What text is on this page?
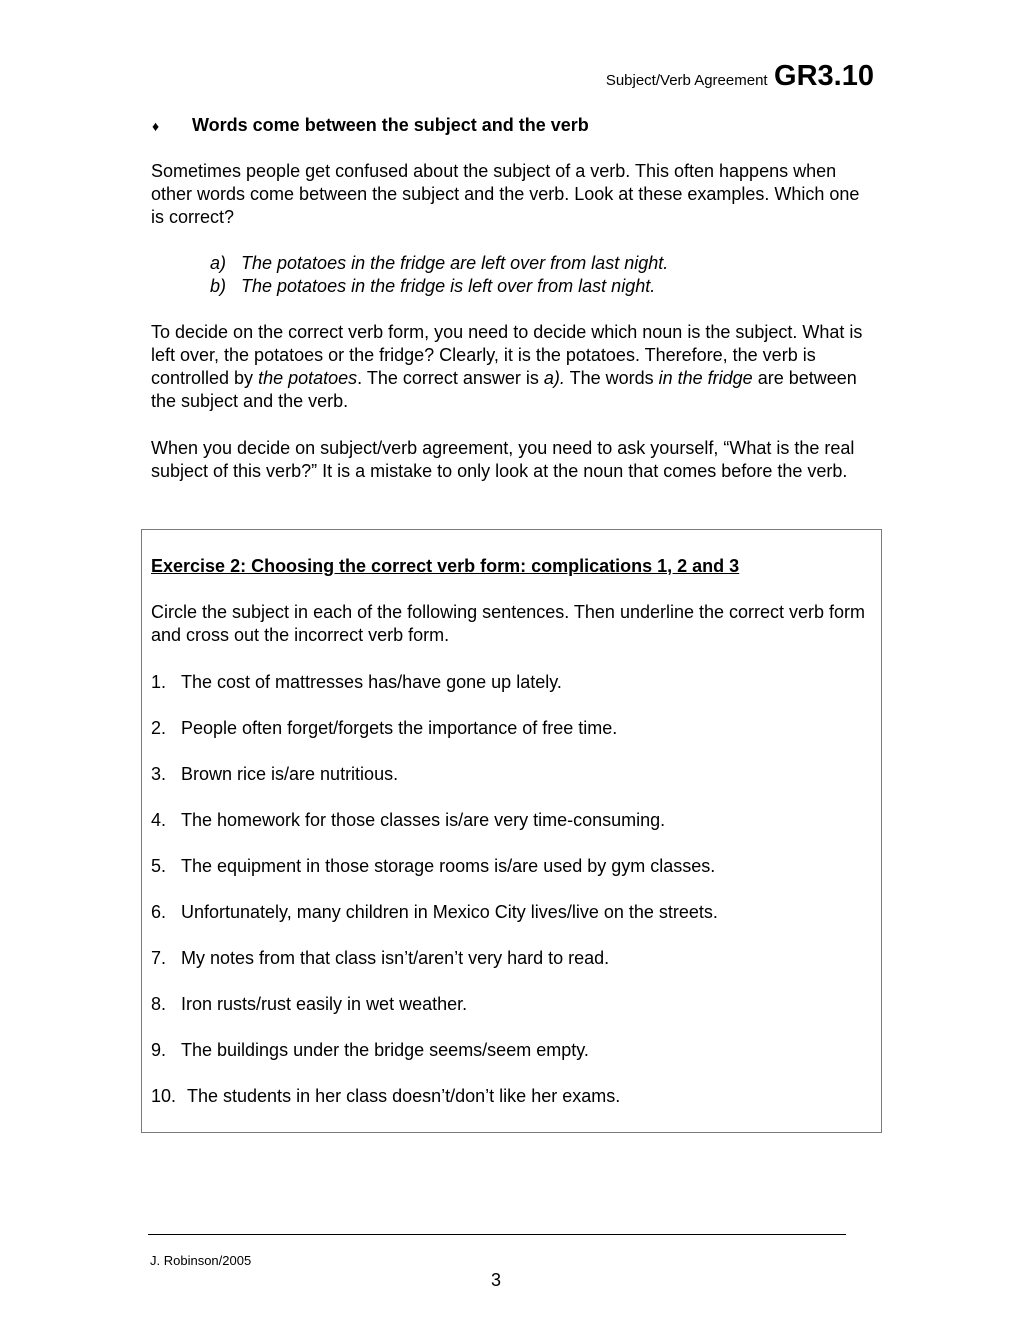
Subject/Verb Agreement GR3.10
♦ Words come between the subject and the verb
Sometimes people get confused about the subject of a verb. This often happens when other words come between the subject and the verb. Look at these examples. Which one is correct?
a) The potatoes in the fridge are left over from last night.
b) The potatoes in the fridge is left over from last night.
To decide on the correct verb form, you need to decide which noun is the subject. What is left over, the potatoes or the fridge? Clearly, it is the potatoes. Therefore, the verb is controlled by the potatoes. The correct answer is a). The words in the fridge are between the subject and the verb.
When you decide on subject/verb agreement, you need to ask yourself, “What is the real subject of this verb?” It is a mistake to only look at the noun that comes before the verb.
Exercise 2: Choosing the correct verb form: complications 1, 2 and 3
Circle the subject in each of the following sentences. Then underline the correct verb form and cross out the incorrect verb form.
1. The cost of mattresses has/have gone up lately.
2. People often forget/forgets the importance of free time.
3. Brown rice is/are nutritious.
4. The homework for those classes is/are very time-consuming.
5. The equipment in those storage rooms is/are used by gym classes.
6. Unfortunately, many children in Mexico City lives/live on the streets.
7. My notes from that class isn’t/aren’t very hard to read.
8. Iron rusts/rust easily in wet weather.
9. The buildings under the bridge seems/seem empty.
10. The students in her class doesn’t/don’t like her exams.
J. Robinson/2005
3
